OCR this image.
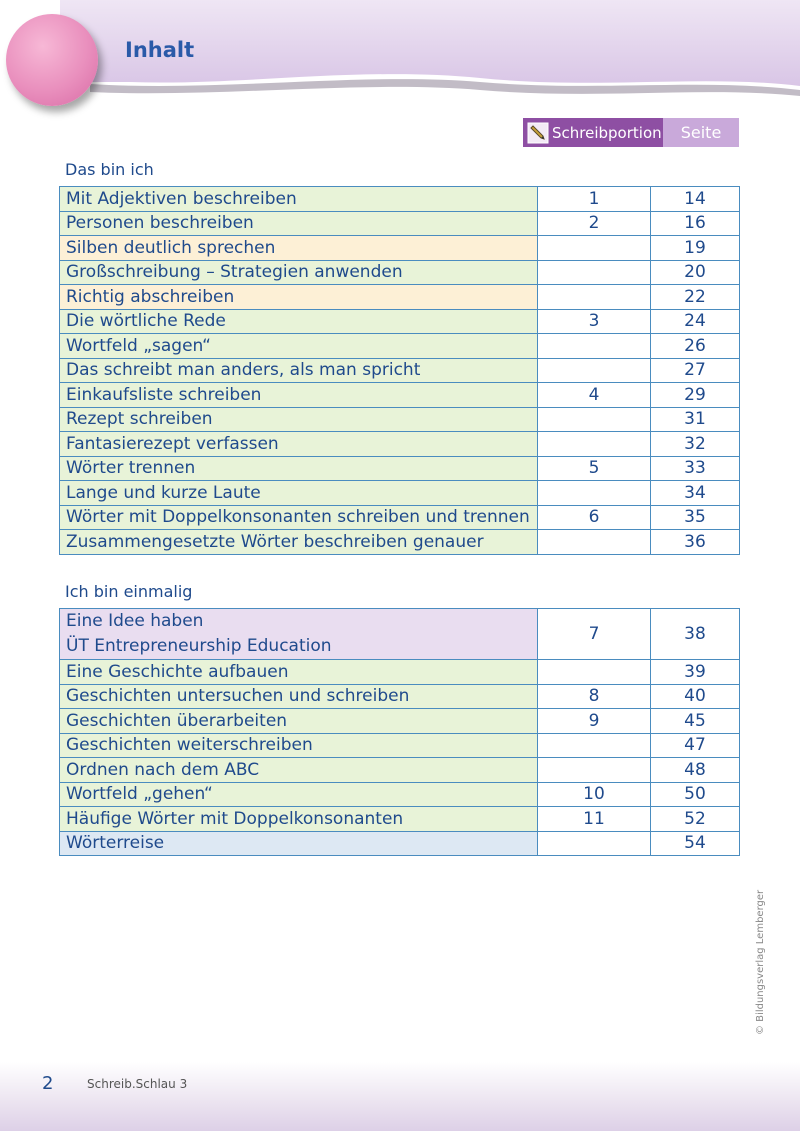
Inhalt
Schreibportion	Seite
Das bin ich
Mit Adjektiven beschreiben	1	14

Personen beschreiben	2	16

Silben deutlich sprechen		19

Großschreibung – Strategien anwenden		20

Richtig abschreiben		22

Die wörtliche Rede	3	24

Wortfeld „sagen“		26

Das schreibt man anders, als man spricht		27

Einkaufsliste schreiben	4	29

Rezept schreiben		31

Fantasierezept verfassen		32

Wörter trennen	5	33

Lange und kurze Laute		34

Wörter mit Doppelkonsonanten schreiben und trennen	6	35

Zusammengesetzte Wörter beschreiben genauer		36
Ich bin einmalig
Eine Idee haben
ÜT Entrepreneurship Education	7	38

Eine Geschichte aufbauen		39

Geschichten untersuchen und schreiben	8	40

Geschichten überarbeiten	9	45

Geschichten weiterschreiben		47

Ordnen nach dem ABC		48

Wortfeld „gehen“	10	50

Häufige Wörter mit Doppelkonsonanten	11	52

Wörterreise		54
© Bildungsverlag Lemberger
2	Schreib.Schlau 3
